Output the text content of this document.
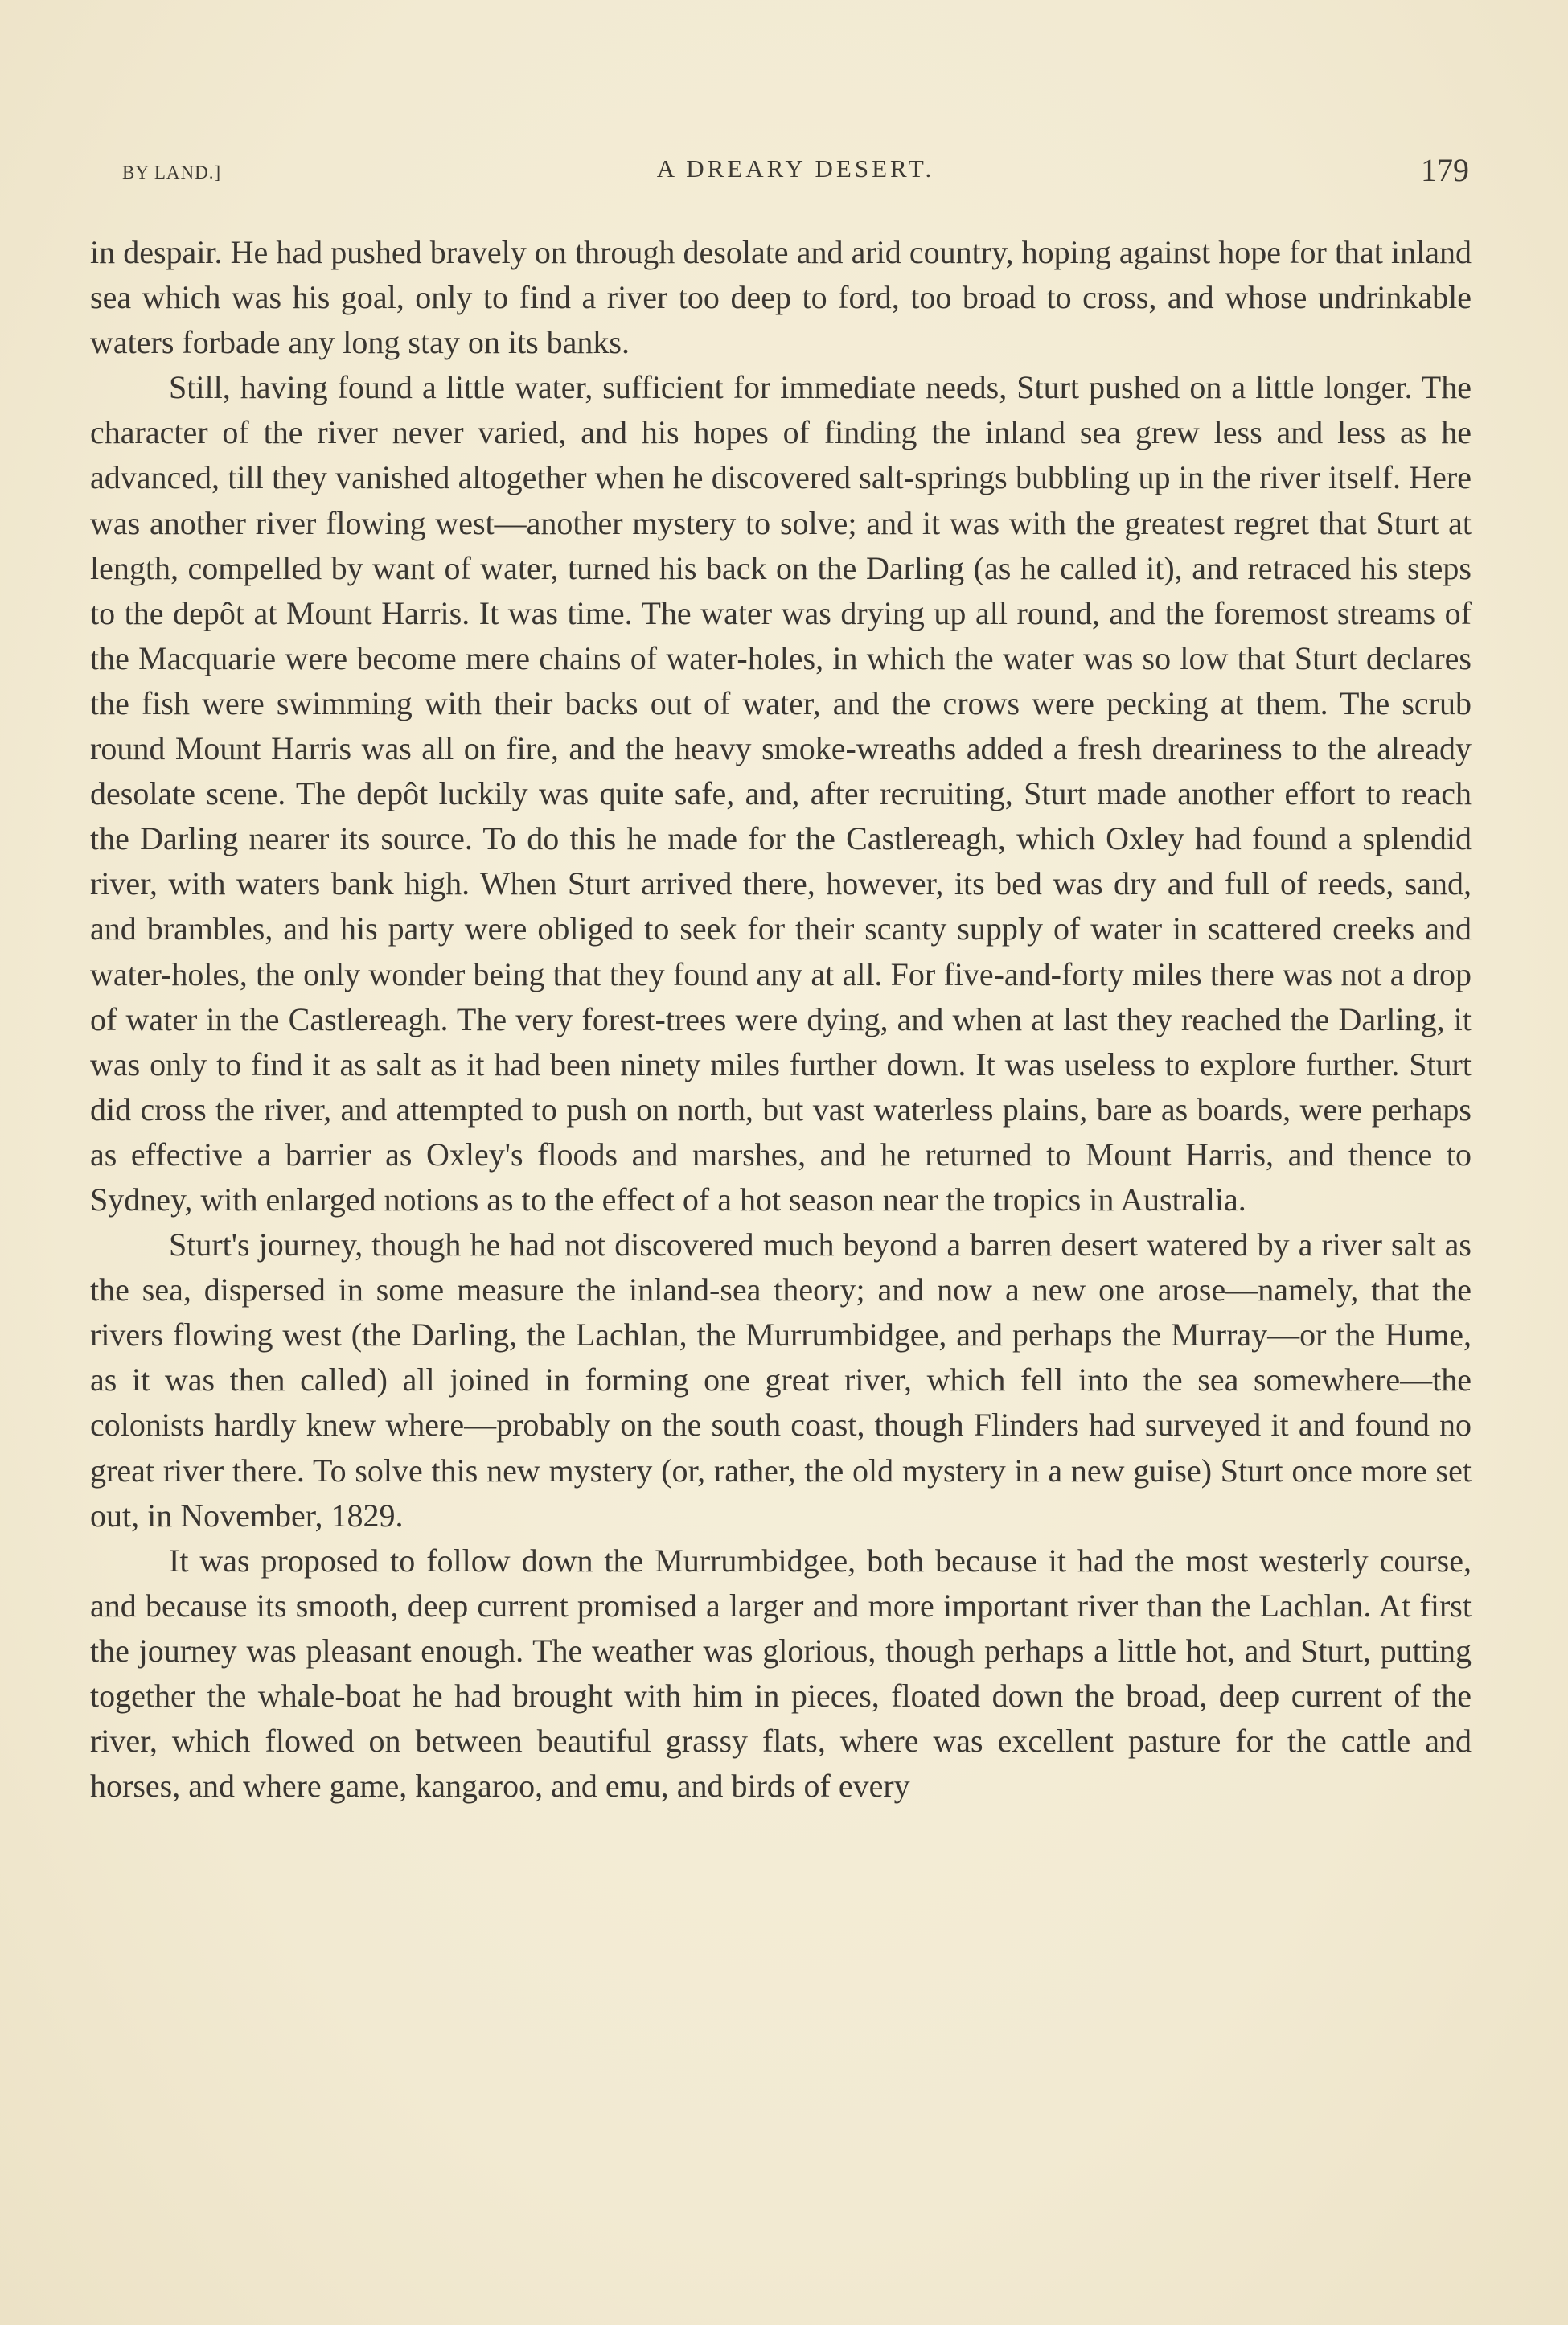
BY LAND.]	A DREARY DESERT.	179

in despair. He had pushed bravely on through desolate and arid country, hoping against hope for that inland sea which was his goal, only to find a river too deep to ford, too broad to cross, and whose undrinkable waters forbade any long stay on its banks.

Still, having found a little water, sufficient for immediate needs, Sturt pushed on a little longer. The character of the river never varied, and his hopes of finding the inland sea grew less and less as he advanced, till they vanished altogether when he discovered salt-springs bubbling up in the river itself. Here was another river flowing west—another mystery to solve; and it was with the greatest regret that Sturt at length, compelled by want of water, turned his back on the Darling (as he called it), and retraced his steps to the depôt at Mount Harris. It was time. The water was drying up all round, and the foremost streams of the Macquarie were become mere chains of water-holes, in which the water was so low that Sturt declares the fish were swimming with their backs out of water, and the crows were pecking at them. The scrub round Mount Harris was all on fire, and the heavy smoke-wreaths added a fresh dreariness to the already desolate scene. The depôt luckily was quite safe, and, after recruiting, Sturt made another effort to reach the Darling nearer its source. To do this he made for the Castlereagh, which Oxley had found a splendid river, with waters bank high. When Sturt arrived there, however, its bed was dry and full of reeds, sand, and brambles, and his party were obliged to seek for their scanty supply of water in scattered creeks and water-holes, the only wonder being that they found any at all. For five-and-forty miles there was not a drop of water in the Castlereagh. The very forest-trees were dying, and when at last they reached the Darling, it was only to find it as salt as it had been ninety miles further down. It was useless to explore further. Sturt did cross the river, and attempted to push on north, but vast waterless plains, bare as boards, were perhaps as effective a barrier as Oxley's floods and marshes, and he returned to Mount Harris, and thence to Sydney, with enlarged notions as to the effect of a hot season near the tropics in Australia.

Sturt's journey, though he had not discovered much beyond a barren desert watered by a river salt as the sea, dispersed in some measure the inland-sea theory; and now a new one arose—namely, that the rivers flowing west (the Darling, the Lachlan, the Murrumbidgee, and perhaps the Murray—or the Hume, as it was then called) all joined in forming one great river, which fell into the sea somewhere—the colonists hardly knew where—probably on the south coast, though Flinders had surveyed it and found no great river there. To solve this new mystery (or, rather, the old mystery in a new guise) Sturt once more set out, in November, 1829.

It was proposed to follow down the Murrumbidgee, both because it had the most westerly course, and because its smooth, deep current promised a larger and more important river than the Lachlan. At first the journey was pleasant enough. The weather was glorious, though perhaps a little hot, and Sturt, putting together the whale-boat he had brought with him in pieces, floated down the broad, deep current of the river, which flowed on between beautiful grassy flats, where was excellent pasture for the cattle and horses, and where game, kangaroo, and emu, and birds of every
